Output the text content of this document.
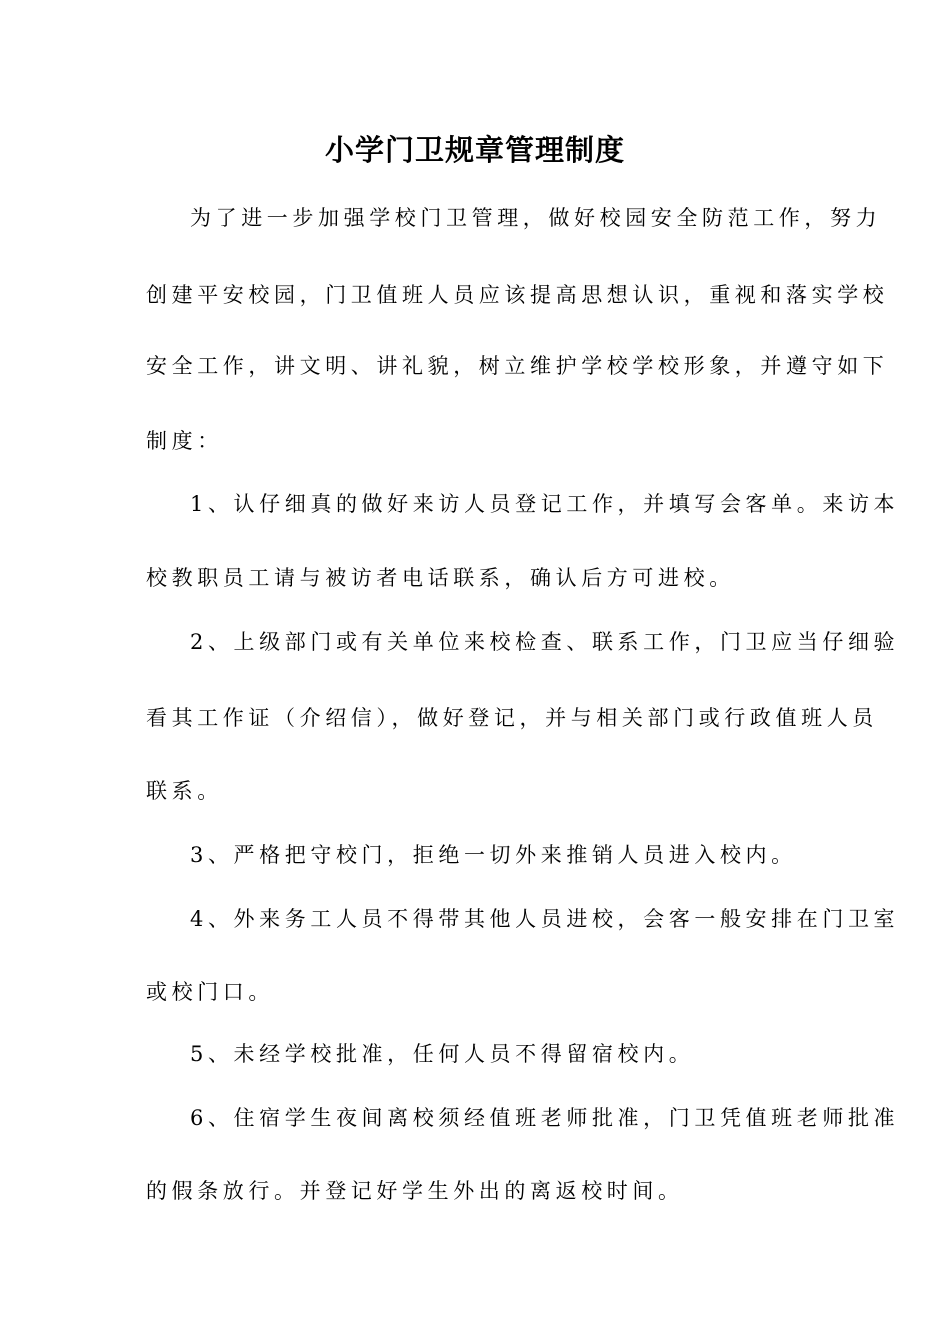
小学门卫规章管理制度

为了进一步加强学校门卫管理，做好校园安全防范工作，努力

创建平安校园，门卫值班人员应该提高思想认识，重视和落实学校

安全工作，讲文明、讲礼貌，树立维护学校学校形象，并遵守如下

制度：

1、认仔细真的做好来访人员登记工作，并填写会客单。来访本

校教职员工请与被访者电话联系，确认后方可进校。

2、上级部门或有关单位来校检查、联系工作，门卫应当仔细验

看其工作证（介绍信），做好登记，并与相关部门或行政值班人员

联系。

3、严格把守校门，拒绝一切外来推销人员进入校内。

4、外来务工人员不得带其他人员进校，会客一般安排在门卫室

或校门口。

5、未经学校批准，任何人员不得留宿校内。

6、住宿学生夜间离校须经值班老师批准，门卫凭值班老师批准

的假条放行。并登记好学生外出的离返校时间。
